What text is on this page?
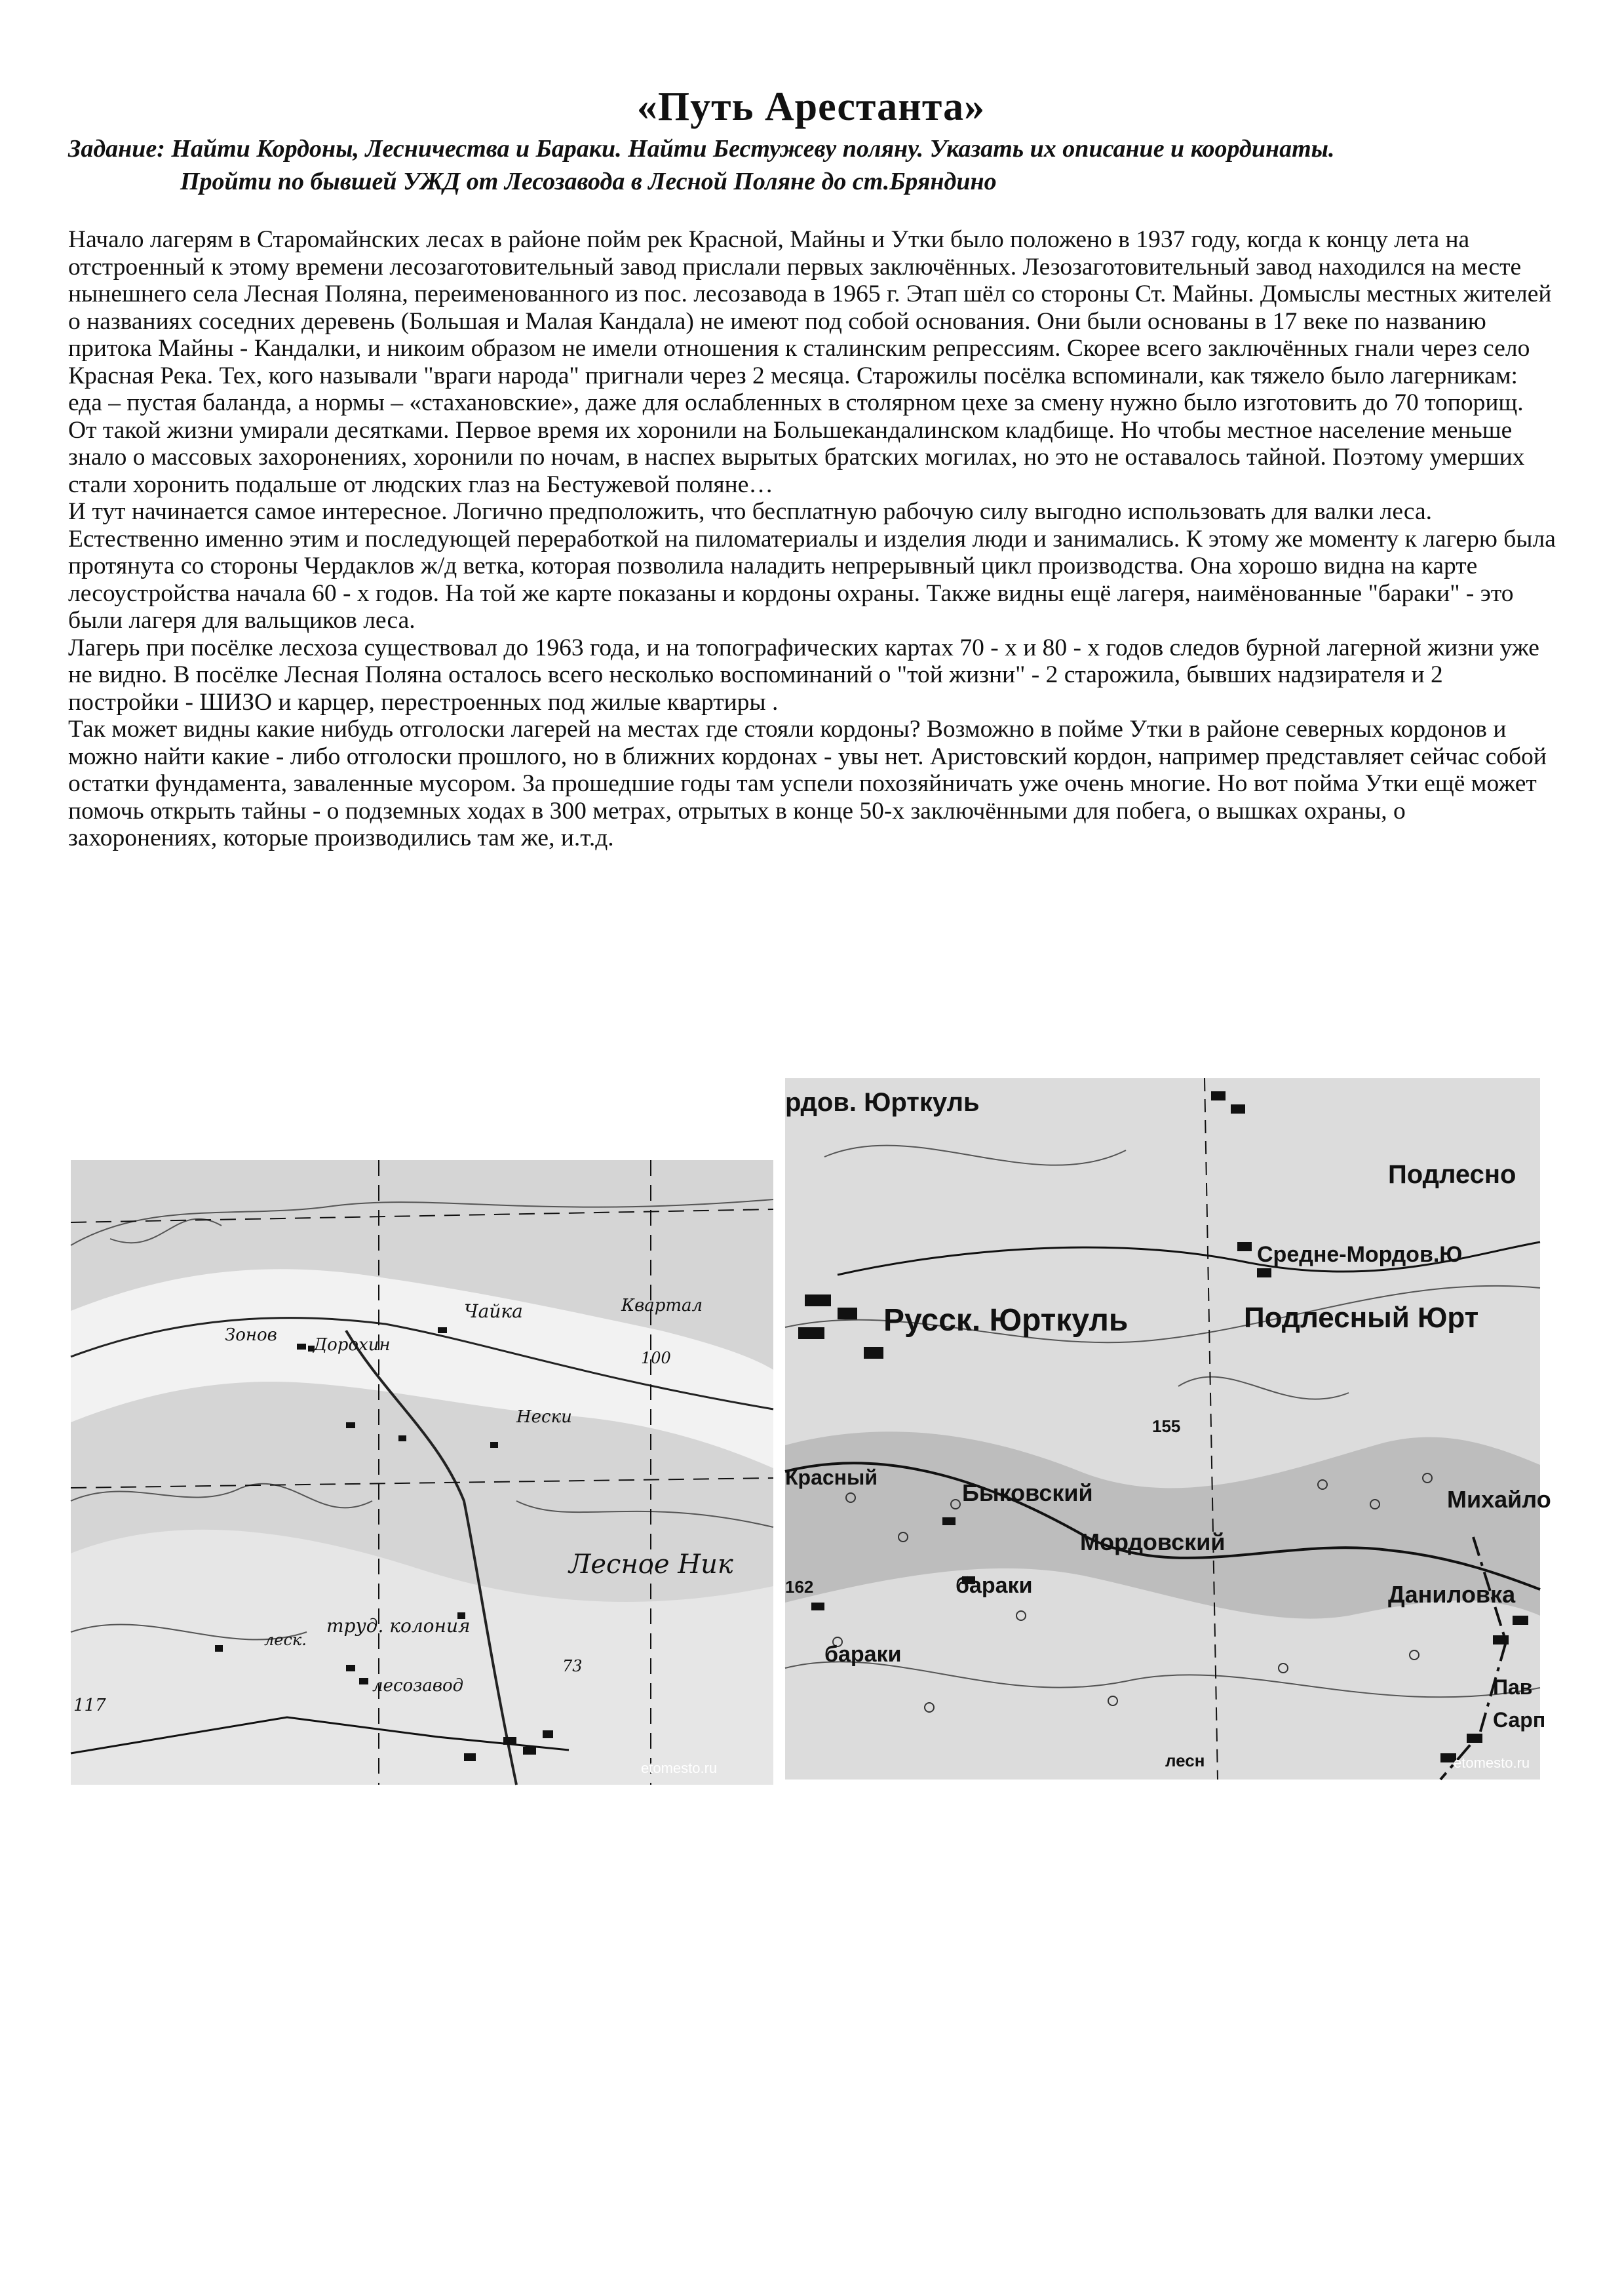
«Путь Арестанта»
Задание: Найти Кордоны, Лесничества и Бараки. Найти Бестужеву поляну. Указать их описание и координаты.
Пройти по бывшей УЖД от Лесозавода в Лесной Поляне до ст.Бряндино

Начало лагерям в Старомайнских лесах в районе пойм рек Красной, Майны и Утки было положено в 1937 году, когда к концу лета на отстроенный к этому времени лесозаготовительный завод прислали первых заключённых. Лезозаготовительный завод находился на месте нынешнего села Лесная Поляна, переименованного из пос. лесозавода в 1965 г. Этап шёл со стороны Ст. Майны. Домыслы местных жителей о названиях соседних деревень (Большая и Малая Кандала) не имеют под собой основания. Они были основаны в 17 веке по названию притока Майны - Кандалки, и никоим образом не имели отношения к сталинским репрессиям. Скорее всего заключённых гнали через село Красная Река. Тех, кого называли "враги народа" пригнали через 2 месяца. Старожилы посёлка вспоминали, как тяжело было лагерникам: еда – пустая баланда, а нормы – «стахановские», даже для ослабленных в столярном цехе за смену нужно было изготовить до 70 топорищ. От такой жизни умирали десятками. Первое время их хоронили на Большекандалинском кладбище. Но чтобы местное население меньше знало о массовых захоронениях, хоронили по ночам, в наспех вырытых братских могилах, но это не оставалось тайной. Поэтому умерших стали хоронить подальше от людских глаз на Бестужевой поляне…

И тут начинается самое интересное. Логично предположить, что бесплатную рабочую силу выгодно использовать для валки леса. Естественно именно этим и последующей переработкой на пиломатериалы и изделия люди и занимались. К этому же моменту к лагерю была протянута со стороны Чердаклов ж/д ветка, которая позволила наладить непрерывный цикл производства. Она хорошо видна на карте лесоустройства начала 60 - х годов. На той же карте показаны и кордоны охраны. Также видны ещё лагеря, наимёнованные "бараки" - это были лагеря для вальщиков леса.

Лагерь при посёлке лесхоза существовал до 1963 года, и на топографических картах 70 - х и 80 - х годов следов бурной лагерной жизни уже не видно. В посёлке Лесная Поляна осталось всего несколько воспоминаний о "той жизни" - 2 старожила, бывших надзирателя и 2 постройки - ШИЗО и карцер, перестроенных под жилые квартиры .

Так может видны какие нибудь отголоски лагерей на местах где стояли кордоны? Возможно в пойме Утки в районе северных кордонов и можно найти какие - либо отголоски прошлого, но в ближних кордонах - увы нет. Аристовский кордон, например представляет сейчас собой остатки фундамента, заваленные мусором. За прошедшие годы там успели похозяйничать уже очень многие. Но вот пойма Утки ещё может помочь открыть тайны - о подземных ходах в 300 метрах, отрытых в конце 50-х заключёнными для побега, о вышках охраны, о захоронениях, которые производились там же, и.т.д.

Зонов
Чайка	Квартал
100
Дорохин
Нески
Лесное Ник
леск.
труд. колония
лесозавод
117
73
etomesto.ru
рдов. Юрткуль
Подлесно
Средне-Мордов.Ю
Русск. Юрткуль	Подлесный Юрт
155
Красный
Быковский	Михайло
Мордовский
162	бараки
бараки
Даниловка
Пав
Сарп
лесн	etomesto.ru
